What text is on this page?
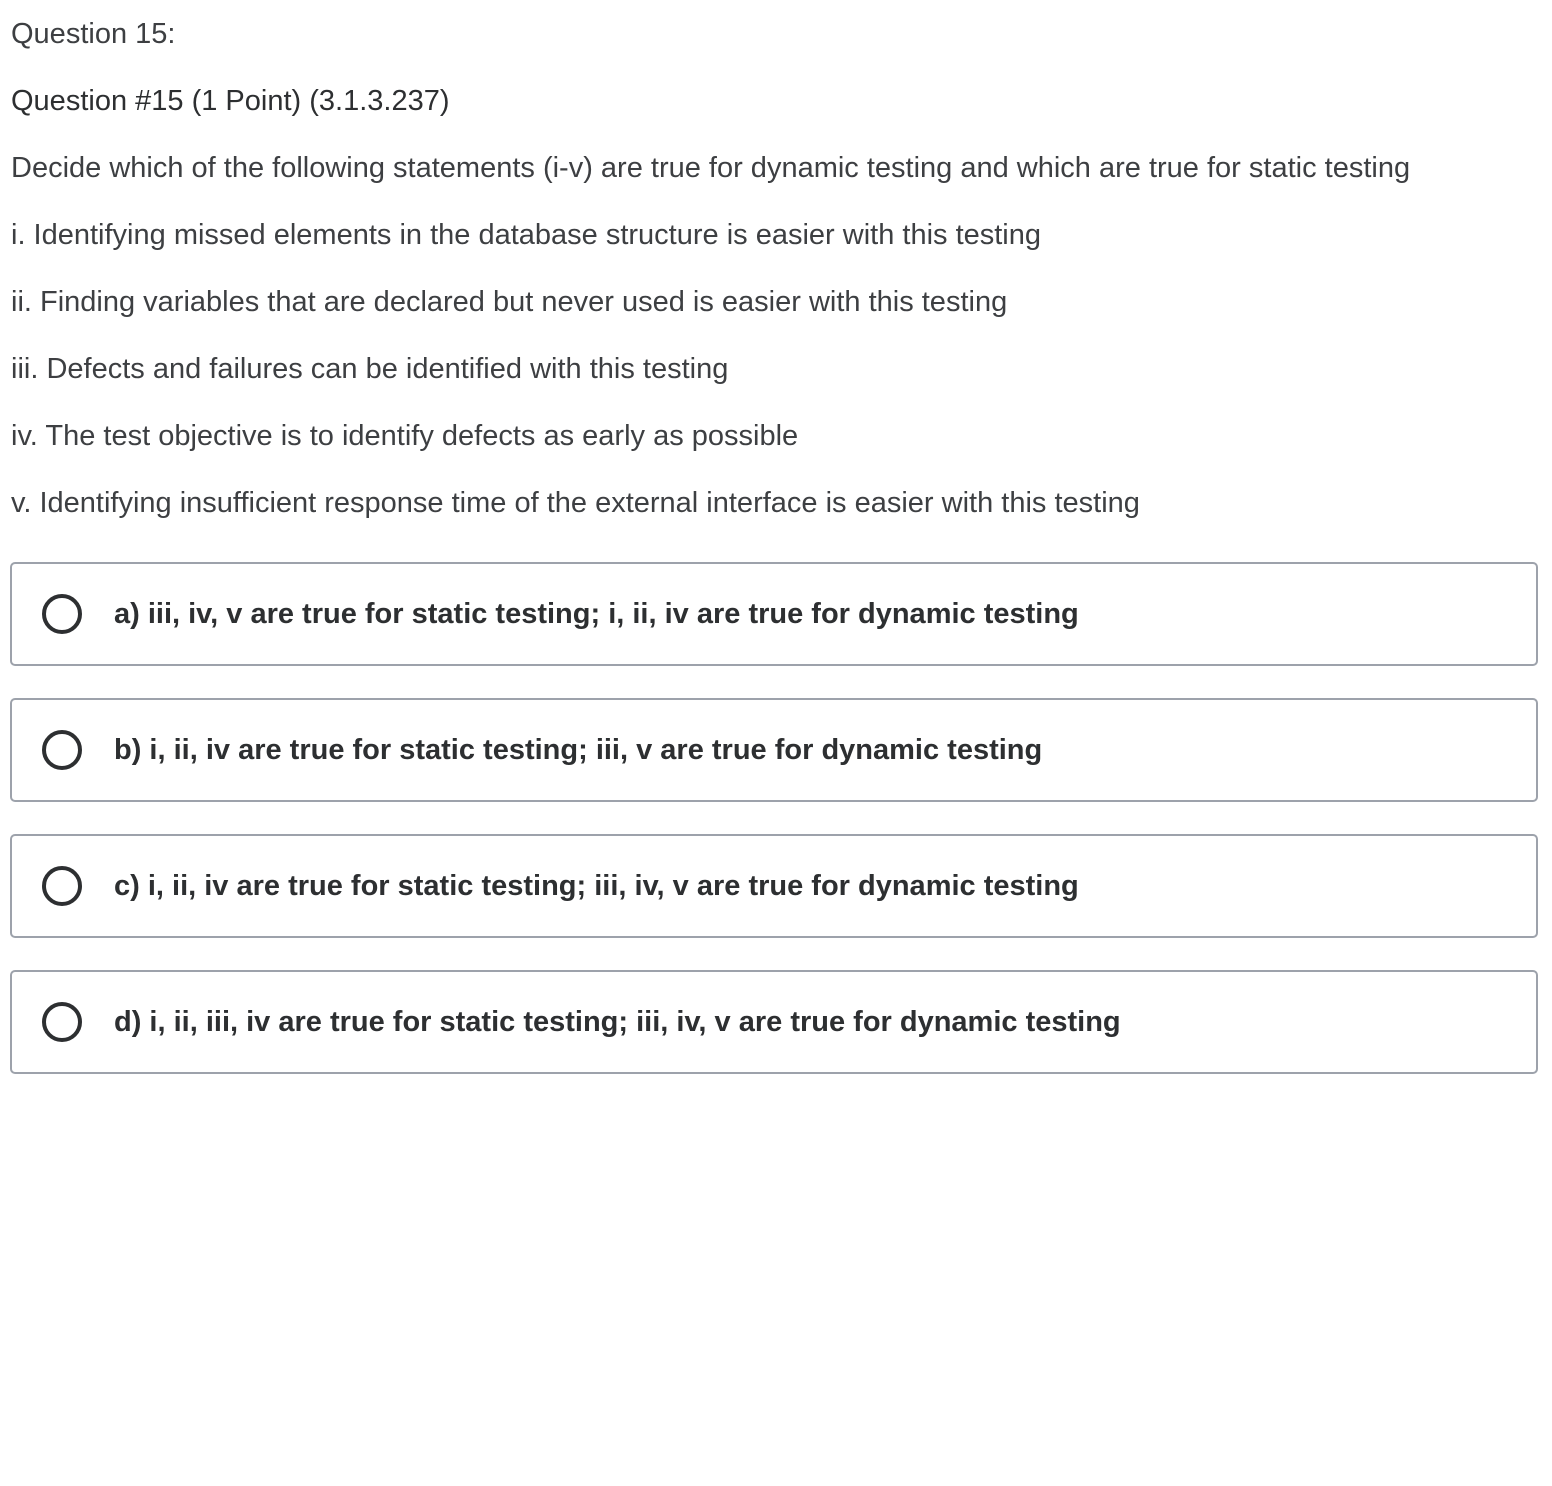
Question 15:
Question #15 (1 Point) (3.1.3.237)

Decide which of the following statements (i-v) are true for dynamic testing and which are true for static testing

i. Identifying missed elements in the database structure is easier with this testing
ii. Finding variables that are declared but never used is easier with this testing
iii. Defects and failures can be identified with this testing
iv. The test objective is to identify defects as early as possible
v. Identifying insufficient response time of the external interface is easier with this testing
a) iii, iv, v are true for static testing; i, ii, iv are true for dynamic testing
b) i, ii, iv are true for static testing; iii, v are true for dynamic testing
c) i, ii, iv are true for static testing; iii, iv, v are true for dynamic testing
d) i, ii, iii, iv are true for static testing; iii, iv, v are true for dynamic testing
